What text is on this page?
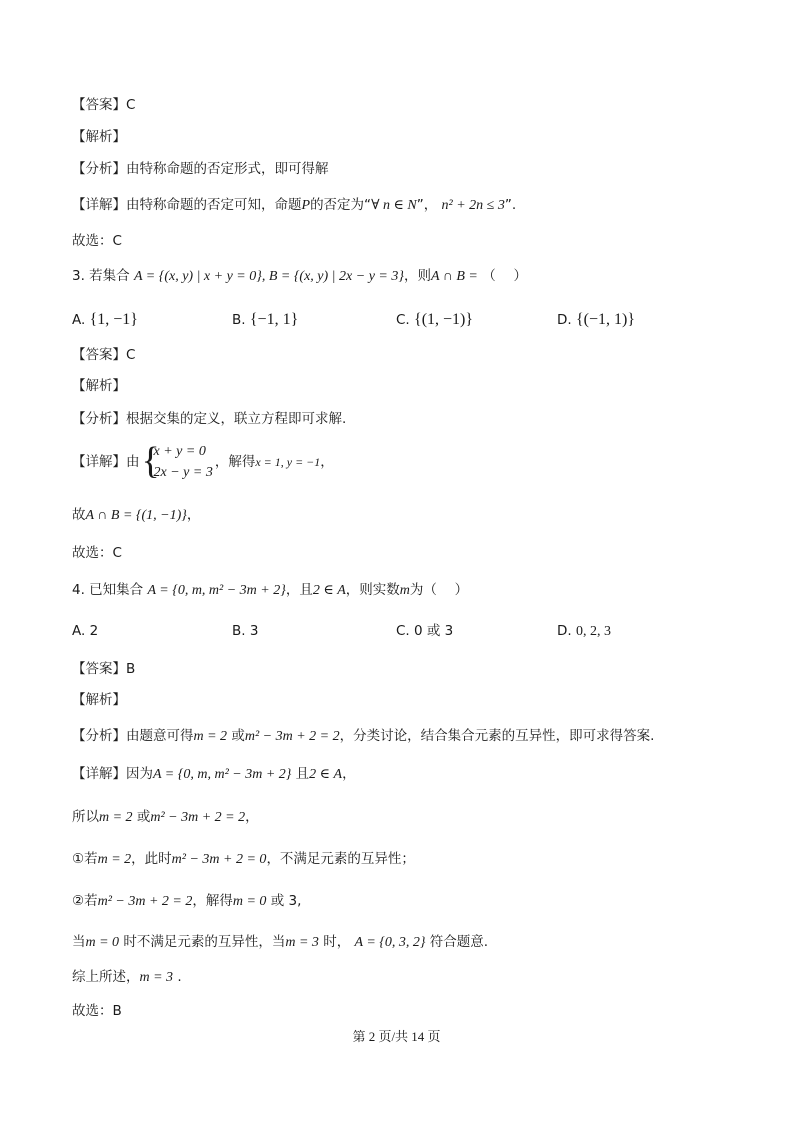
【答案】C
【解析】
【分析】由特称命题的否定形式，即可得解
【详解】由特称命题的否定可知，命题P的否定为“∀ n ∈ N”， n² + 2n ≤ 3”.
故选：C
3. 若集合 A = {(x, y) | x + y = 0}, B = {(x, y) | 2x − y = 3}，则A ∩ B = （　 ）
A. {1, −1}	B. {−1, 1}	C. {(1, −1)}	D. {(−1, 1)}
【答案】C
【解析】
【分析】根据交集的定义，联立方程即可求解.
【详解】由 {
x + y = 0
2x − y = 3
，解得x = 1, y = −1，
故A ∩ B = {(1, −1)}，
故选：C
4. 已知集合 A = {0, m, m² − 3m + 2}，且2 ∈ A，则实数m为（　 ）
A. 2	B. 3	C. 0 或 3	D. 0, 2, 3
【答案】B
【解析】
【分析】由题意可得m = 2 或m² − 3m + 2 = 2，分类讨论，结合集合元素的互异性，即可求得答案.
【详解】因为A = {0, m, m² − 3m + 2} 且2 ∈ A，
所以m = 2 或m² − 3m + 2 = 2，
①若m = 2，此时m² − 3m + 2 = 0，不满足元素的互异性；
②若m² − 3m + 2 = 2，解得m = 0 或 3,
当m = 0 时不满足元素的互异性，当m = 3 时， A = {0, 3, 2} 符合题意.
综上所述，m = 3 .
故选：B
第 2 页/共 14 页
